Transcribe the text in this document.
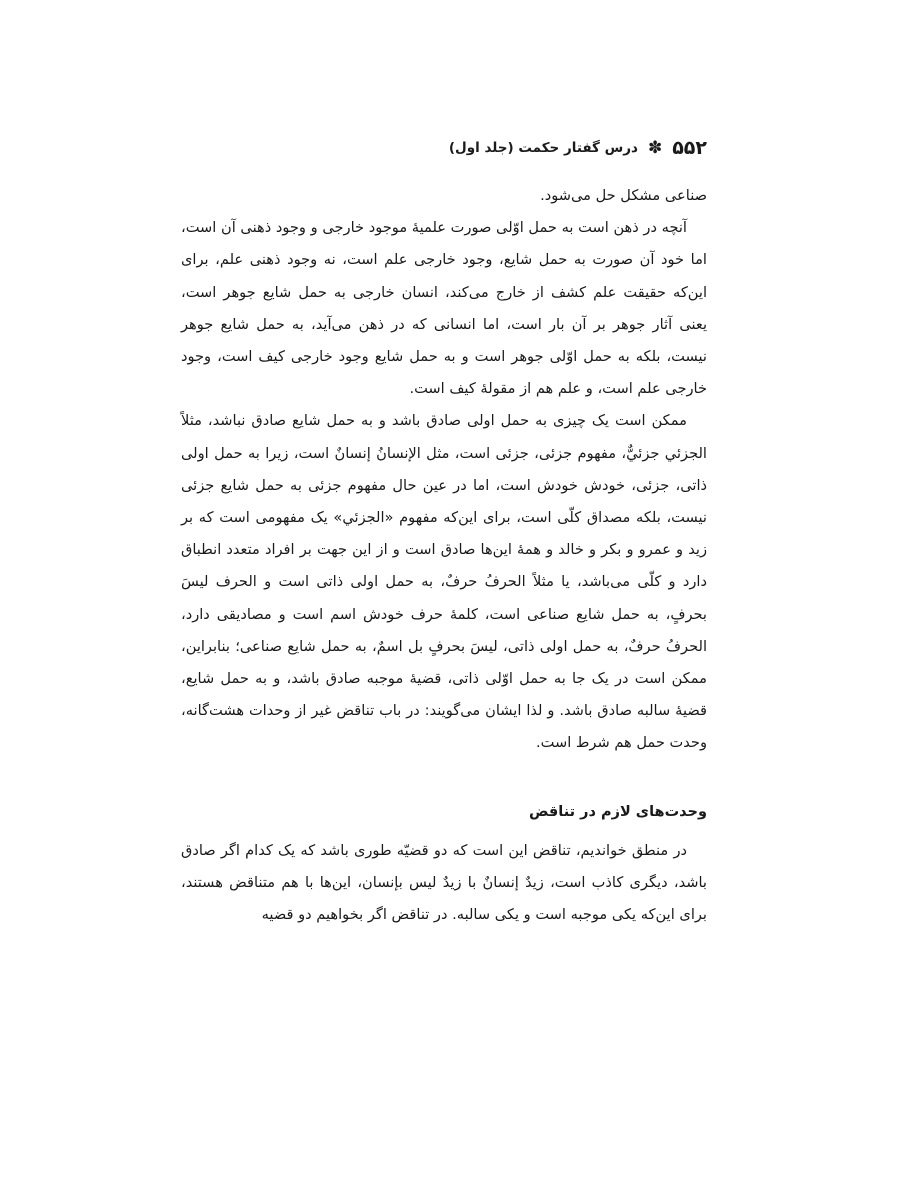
۵۵۲
✽
درس گفتار حکمت (جلد اول)

صناعی مشکل حل می‌شود.

آنچه در ذهن است به حمل اوّلی صورت علمیهٔ موجود خارجی و وجود ذهنی آن است، اما خود آن صورت به حمل شایع، وجود خارجی علم است، نه وجود ذهنی علم، برای این‌که حقیقت علم کشف از خارج می‌کند، انسان خارجی به حمل شایع جوهر است، یعنی آثار جوهر بر آن بار است، اما انسانی که در ذهن می‌آید، به حمل شایع جوهر نیست، بلکه به حمل اوّلی جوهر است و به حمل شایع وجود خارجی کیف است، وجود خارجی علم است، و علم هم از مقولهٔ کیف است.

ممکن است یک چیزی به حمل اولی صادق باشد و به حمل شایع صادق نباشد، مثلاً الجزئي جزئيٌّ، مفهوم جزئی، جزئی است، مثل الإنسانُ إنسانٌ است، زیرا به حمل اولی ذاتی، جزئی، خودش خودش است، اما در عین حال مفهوم جزئی به حمل شایع جزئی نیست، بلکه مصداق کلّی است، برای این‌که مفهوم «الجزئي» یک مفهومی است که بر زید و عمرو و بکر و خالد و همهٔ این‌ها صادق است و از این جهت بر افراد متعدد انطباق دارد و کلّی می‌باشد، یا مثلاً الحرفُ حرفٌ، به حمل اولی ذاتی است و الحرف ليسَ بحرفٍ، به حمل شایع صناعی است، کلمهٔ حرف خودش اسم است و مصادیقی دارد، الحرفُ حرفٌ، به حمل اولی ذاتی، ليسَ بحرفٍ بل اسمٌ، به حمل شایع صناعی؛ بنابراین، ممکن است در یک جا به حمل اوّلی ذاتی، قضیهٔ موجبه صادق باشد، و به حمل شایع، قضیهٔ سالبه صادق باشد. و لذا ایشان می‌گویند: در باب تناقض غیر از وحدات هشت‌گانه، وحدت حمل هم شرط است.

وحدت‌های لازم در تناقض

در منطق خواندیم، تناقض این است که دو قضیّه طوری باشد که یک کدام اگر صادق باشد، دیگری کاذب است، زیدٌ إنسانٌ با زیدٌ لیس بإنسان، این‌ها با هم متناقض هستند، برای این‌که یکی موجبه است و یکی سالبه. در تناقض اگر بخواهیم دو قضیه
